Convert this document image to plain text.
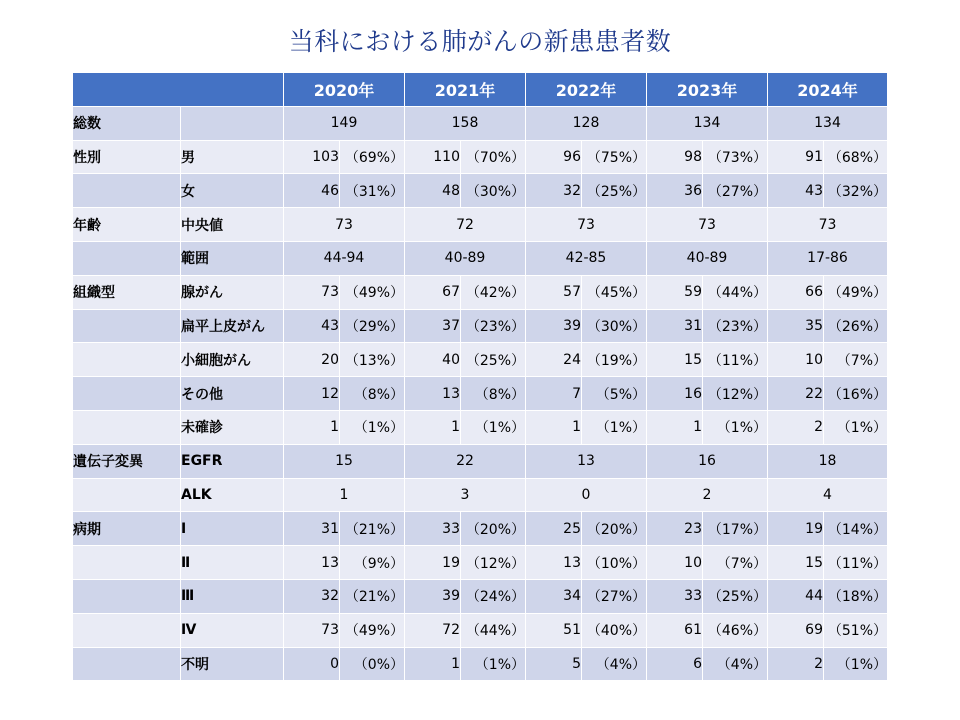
当科における肺がんの新患患者数
		2020年		2021年		2022年		2023年		2024年	
総数		149		158		128		134		134	
性別	男	103	（69%）	110	（70%）	96	（75%）	98	（73%）	91	（68%）
	女	46	（31%）	48	（30%）	32	（25%）	36	（27%）	43	（32%）
年齢	中央値	73		72		73		73		73	
	範囲	44-94		40-89		42-85		40-89		17-86	
組織型	腺がん	73	（49%）	67	（42%）	57	（45%）	59	（44%）	66	（49%）
	扁平上皮がん	43	（29%）	37	（23%）	39	（30%）	31	（23%）	35	（26%）
	小細胞がん	20	（13%）	40	（25%）	24	（19%）	15	（11%）	10	（7%）
	その他	12	（8%）	13	（8%）	7	（5%）	16	（12%）	22	（16%）
	未確診	1	（1%）	1	（1%）	1	（1%）	1	（1%）	2	（1%）
遺伝子変異	EGFR	15		22		13		16		18	
	ALK	1		3		0		2		4	
病期	Ⅰ	31	（21%）	33	（20%）	25	（20%）	23	（17%）	19	（14%）
	Ⅱ	13	（9%）	19	（12%）	13	（10%）	10	（7%）	15	（11%）
	Ⅲ	32	（21%）	39	（24%）	34	（27%）	33	（25%）	44	（18%）
	Ⅳ	73	（49%）	72	（44%）	51	（40%）	61	（46%）	69	（51%）
	不明	0	（0%）	1	（1%）	5	（4%）	6	（4%）	2	（1%）
